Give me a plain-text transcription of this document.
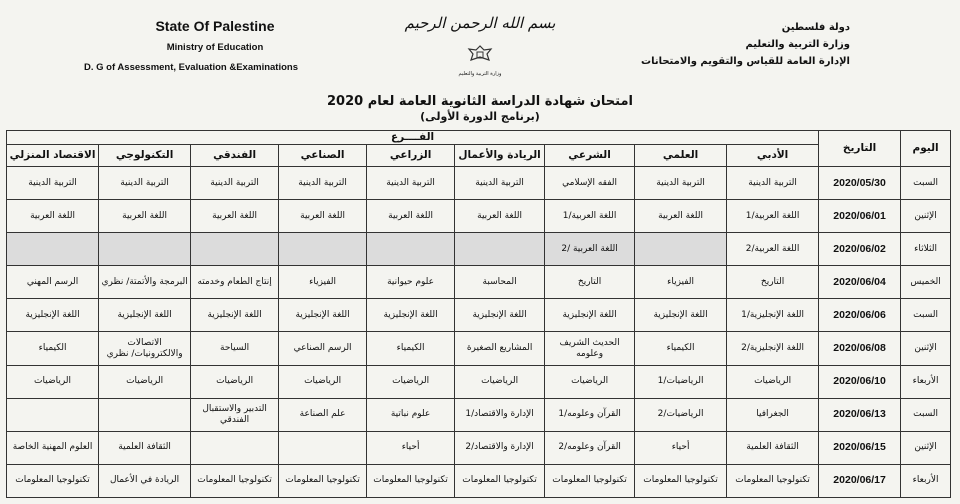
State Of Palestine
Ministry of Education
D. G of Assessment, Evaluation &Examinations
بسم الله الرحمن الرحيم
وزارة التربية والتعليم
دولة فلسطين
وزارة التربية والتعليم
الإدارة العامة للقياس والتقويم والامتحانات
امتحان شهادة الدراسة الثانوية العامة لعام 2020
(برنامج الدورة الأولى)
اليوم	التاريخ	الفــــرع								
		الأدبي	العلمي	الشرعي	الريادة والأعمال	الزراعي	الصناعي	الفندقي	التكنولوجي	الاقتصاد المنزلي
السبت	2020/05/30	التربية الدينية	التربية الدينية	الفقه الإسلامي	التربية الدينية	التربية الدينية	التربية الدينية	التربية الدينية	التربية الدينية	التربية الدينية
الإثنين	2020/06/01	اللغة العربية/1	اللغة العربية	اللغة العربية/1	اللغة العربية	اللغة العربية	اللغة العربية	اللغة العربية	اللغة العربية	اللغة العربية
الثلاثاء	2020/06/02	اللغة العربية/2		اللغة العربية /2						
الخميس	2020/06/04	التاريخ	الفيزياء	التاريخ	المحاسبة	علوم حيوانية	الفيزياء	إنتاج الطعام وخدمته	البرمجة والأتمتة/ نظري	الرسم المهني
السبت	2020/06/06	اللغة الإنجليزية/1	اللغة الإنجليزية	اللغة الإنجليزية	اللغة الإنجليزية	اللغة الإنجليزية	اللغة الإنجليزية	اللغة الإنجليزية	اللغة الإنجليزية	اللغة الإنجليزية
الإثنين	2020/06/08	اللغة الإنجليزية/2	الكيمياء	الحديث الشريف وعلومه	المشاريع الصغيرة	الكيمياء	الرسم الصناعي	السياحة	الاتصالات والالكترونيات/ نظري	الكيمياء
الأربعاء	2020/06/10	الرياضيات	الرياضيات/1	الرياضيات	الرياضيات	الرياضيات	الرياضيات	الرياضيات	الرياضيات	الرياضيات
السبت	2020/06/13	الجغرافيا	الرياضيات/2	القرآن وعلومه/1	الإدارة والاقتصاد/1	علوم نباتية	علم الصناعة	التدبير والاستقبال الفندقي		
الإثنين	2020/06/15	الثقافة العلمية	أحياء	القرآن وعلومه/2	الإدارة والاقتصاد/2	أحياء			الثقافة العلمية	العلوم المهنية الخاصة
الأربعاء	2020/06/17	تكنولوجيا المعلومات	تكنولوجيا المعلومات	تكنولوجيا المعلومات	تكنولوجيا المعلومات	تكنولوجيا المعلومات	تكنولوجيا المعلومات	تكنولوجيا المعلومات	الريادة في الأعمال	تكنولوجيا المعلومات
